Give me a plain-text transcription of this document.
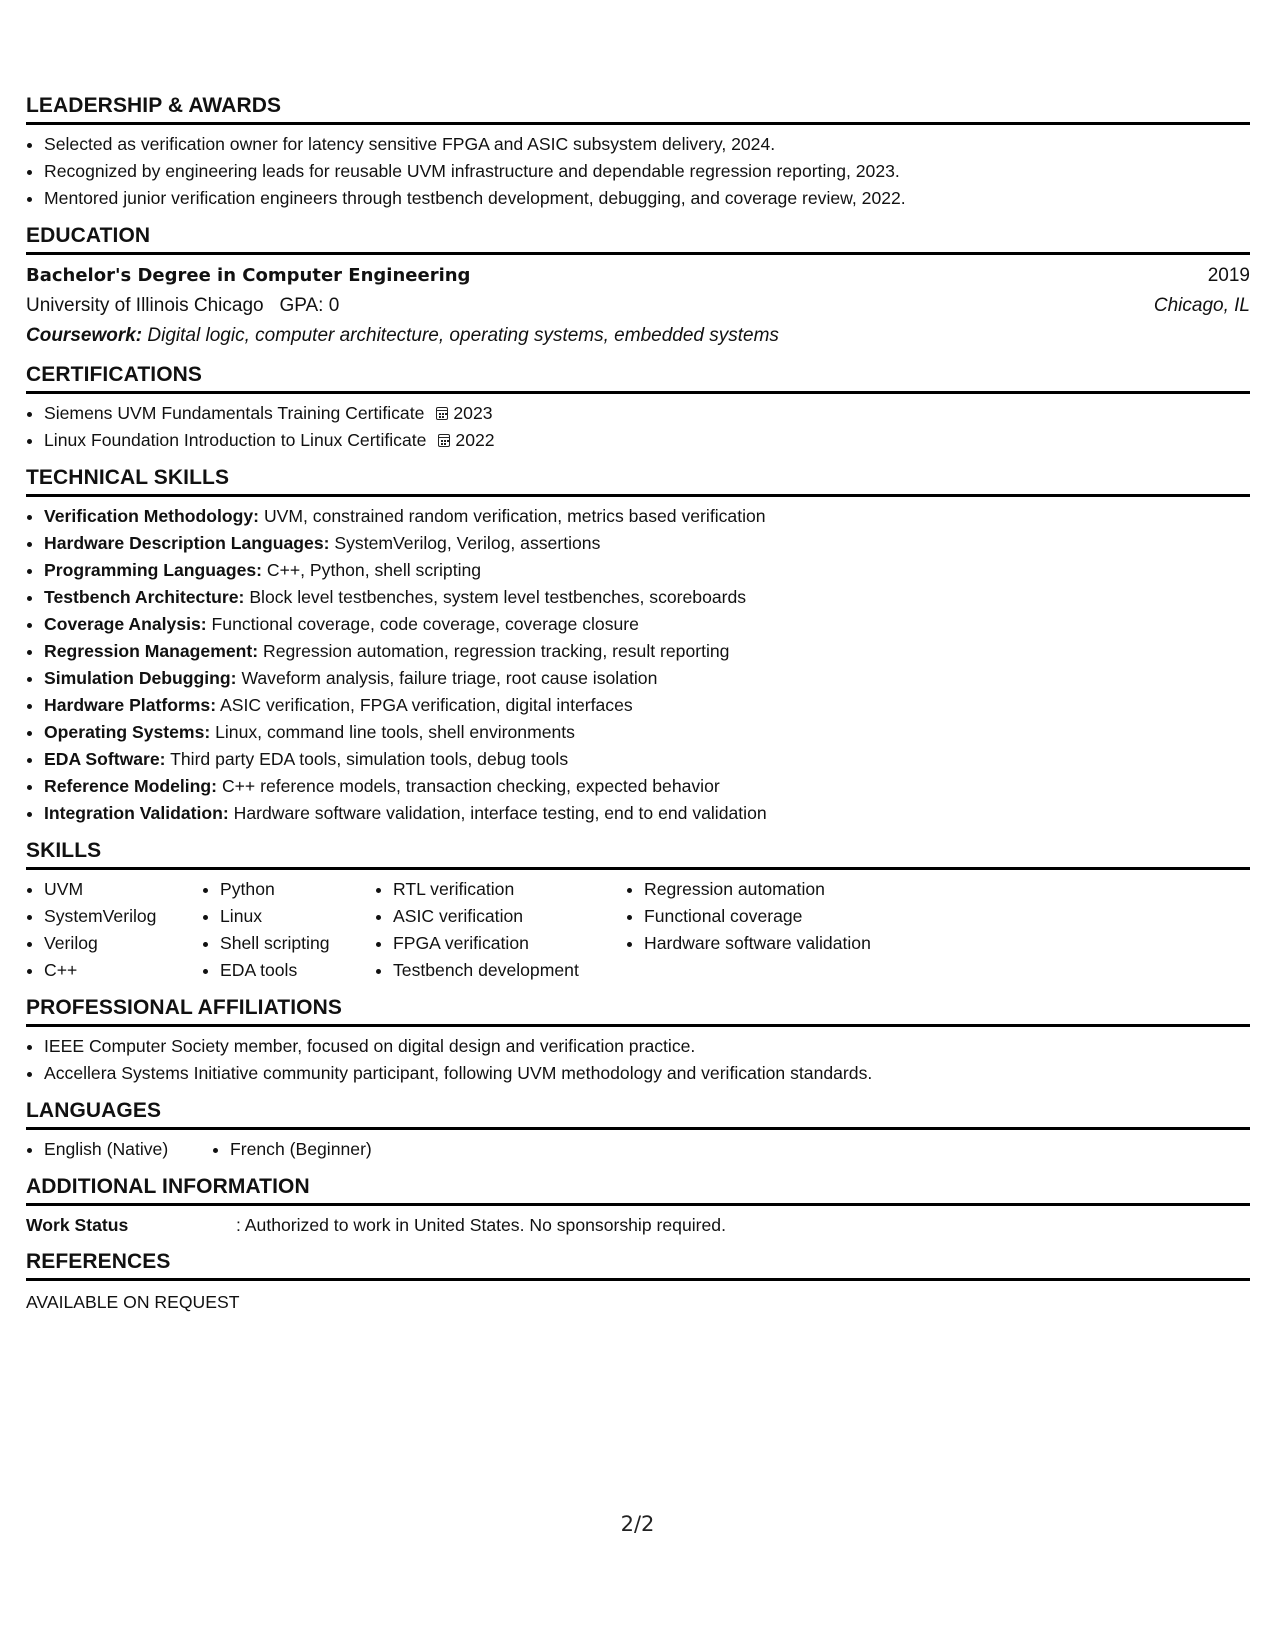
LEADERSHIP & AWARDS
• Selected as verification owner for latency sensitive FPGA and ASIC subsystem delivery, 2024.
• Recognized by engineering leads for reusable UVM infrastructure and dependable regression reporting, 2023.
• Mentored junior verification engineers through testbench development, debugging, and coverage review, 2022.
EDUCATION
Bachelor's Degree in Computer Engineering	2019
University of Illinois Chicago GPA: 0	Chicago, IL
Coursework: Digital logic, computer architecture, operating systems, embedded systems
CERTIFICATIONS
• Siemens UVM Fundamentals Training Certificate 2023
• Linux Foundation Introduction to Linux Certificate 2022
TECHNICAL SKILLS
• Verification Methodology: UVM, constrained random verification, metrics based verification
• Hardware Description Languages: SystemVerilog, Verilog, assertions
• Programming Languages: C++, Python, shell scripting
• Testbench Architecture: Block level testbenches, system level testbenches, scoreboards
• Coverage Analysis: Functional coverage, code coverage, coverage closure
• Regression Management: Regression automation, regression tracking, result reporting
• Simulation Debugging: Waveform analysis, failure triage, root cause isolation
• Hardware Platforms: ASIC verification, FPGA verification, digital interfaces
• Operating Systems: Linux, command line tools, shell environments
• EDA Software: Third party EDA tools, simulation tools, debug tools
• Reference Modeling: C++ reference models, transaction checking, expected behavior
• Integration Validation: Hardware software validation, interface testing, end to end validation
SKILLS
• UVM
• SystemVerilog
• Verilog
• C++
• Python
• Linux
• Shell scripting
• EDA tools
• RTL verification
• ASIC verification
• FPGA verification
• Testbench development
• Regression automation
• Functional coverage
• Hardware software validation
PROFESSIONAL AFFILIATIONS
• IEEE Computer Society member, focused on digital design and verification practice.
• Accellera Systems Initiative community participant, following UVM methodology and verification standards.
LANGUAGES
• English (Native)
•	French (Beginner)
ADDITIONAL INFORMATION
Work Status	: Authorized to work in United States. No sponsorship required.
REFERENCES
AVAILABLE ON REQUEST
2/2
